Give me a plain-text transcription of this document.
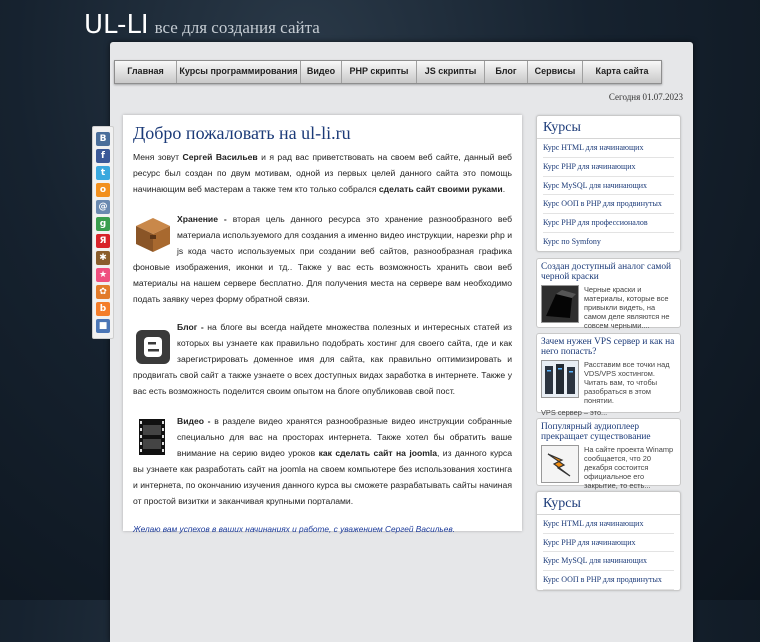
UL-LI все для создания сайта
Главная	Курсы программирования	Видео	PHP скрипты	JS скрипты	Блог	Сервисы	Карта сайта
Сегодня 01.07.2023
B
f
t
о
@
g
Я
✱
★
✿
b
■
Добро пожаловать на ul-li.ru

Меня зовут Сергей Васильев и я рад вас приветствовать на своем веб сайте, данный веб ресурс был создан по двум мотивам, одной из первых целей данного сайта это помощь начинающим веб мастерам а также тем кто только собрался сделать сайт своими руками.

Хранение - вторая цель данного ресурса это хранение разнообразного веб материала используемого для создания а именно видео инструкции, нарезки php и js кода часто используемых при создании веб сайтов, разнообразная графика фоновые изображения, иконки и тд.. Также у вас есть возможность хранить свои веб материалы на нашем сервере бесплатно. Для получения места на сервере вам необходимо подать заявку через форму обратной связи.

Блог - на блоге вы всегда найдете множества полезных и интересных статей из которых вы узнаете как правильно подобрать хостинг для своего сайта, где и как зарегистрировать доменное имя для сайта, как правильно оптимизировать и продвигать свой сайт а также узнаете о всех доступных видах заработка в интернете. Также у вас есть возможность поделится своим опытом на блоге опубликовав свой пост.

Видео - в разделе видео хранятся разнообразные видео инструкции собранные специально для вас на просторах интернета. Также хотел бы обратить ваше внимание на серию видео уроков как сделать сайт на joomla, из данного курса вы узнаете как разработать сайт на joomla на своем компьютере без использования хостинга и интернета, по окончанию изучения данного курса вы сможете разрабатывать сайты начиная от простой визитки и заканчивая крупными порталами.

Желаю вам успехов в ваших начинаниях и работе, с уважением Сергей Васильев.

Курсы
Курс HTML для начинающих
Курс PHP для начинающих
Курс MySQL для начинающих
Курс ООП в PHP для продвинутых
Курс PHP для профессионалов
Курс по Symfony
Создан доступный аналог самой черной краски
Черные краски и материалы, которые все привыкли видеть, на самом деле являются не совсем черными....
Зачем нужен VPS сервер и как на него попасть?
Расставим все точки над VDS/VPS хостингом. Читать вам, то чтобы разобраться в этом понятии.
VPS сервер – это...
Популярный аудиоплеер прекращает существование
На сайте проекта Winamp сообщается, что 20 декабря состоится официальное его закрытие, то есть...
Курсы
Курс HTML для начинающих
Курс PHP для начинающих
Курс MySQL для начинающих
Курс ООП в PHP для продвинутых
